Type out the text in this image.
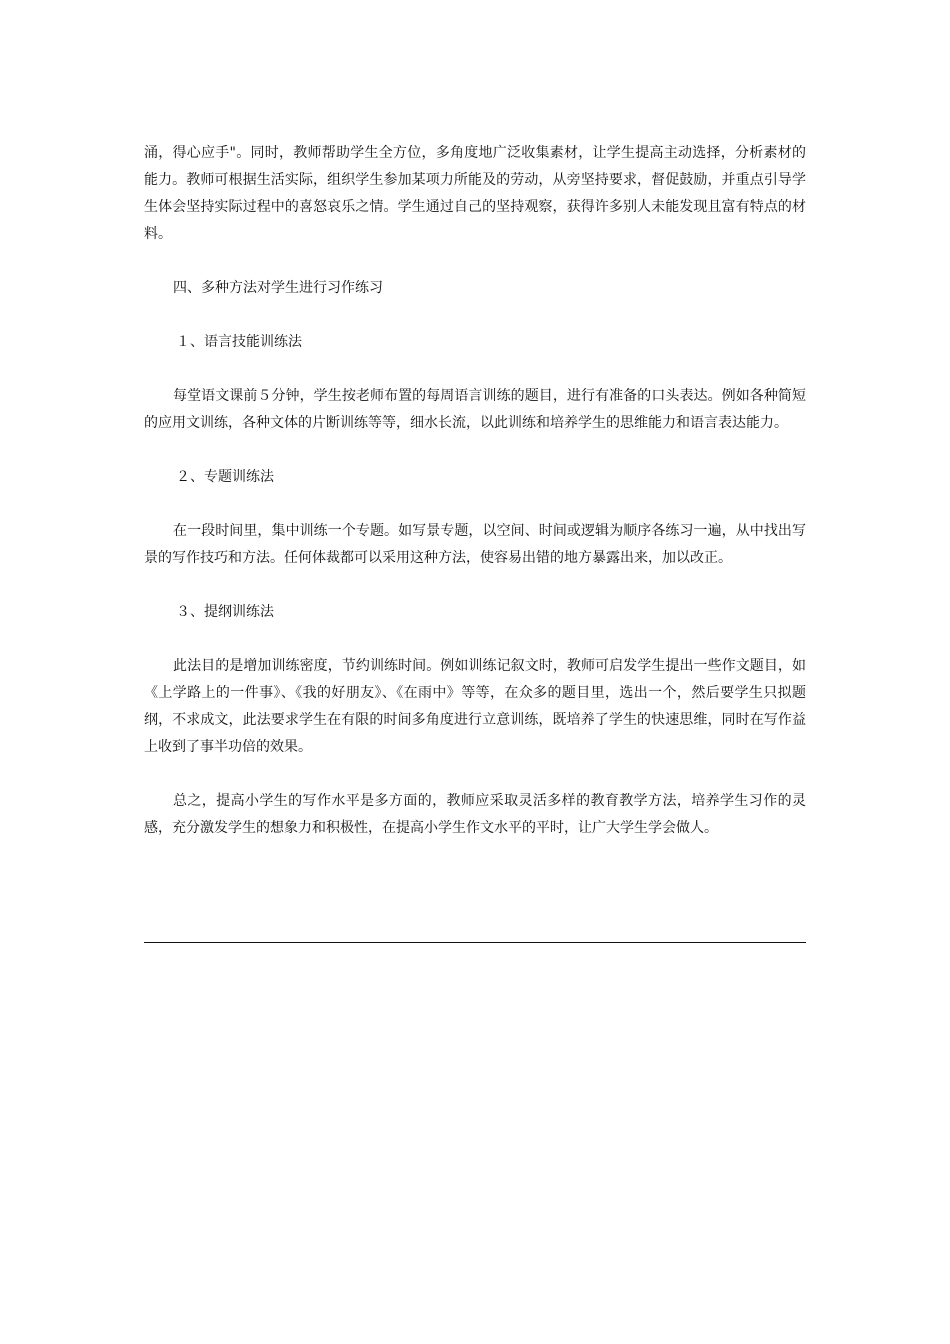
涌，得心应手"。同时，教师帮助学生全方位，多角度地广泛收集素材，让学生提高主动选择，分析素材的能力。教师可根据生活实际，组织学生参加某项力所能及的劳动，从旁坚持要求，督促鼓励，并重点引导学生体会坚持实际过程中的喜怒哀乐之情。学生通过自己的坚持观察，获得许多别人未能发现且富有特点的材料。

四、多种方法对学生进行习作练习

１、语言技能训练法

每堂语文课前５分钟，学生按老师布置的每周语言训练的题目，进行有准备的口头表达。例如各种简短的应用文训练，各种文体的片断训练等等，细水长流，以此训练和培养学生的思维能力和语言表达能力。

２、专题训练法

在一段时间里，集中训练一个专题。如写景专题，以空间、时间或逻辑为顺序各练习一遍，从中找出写景的写作技巧和方法。任何体裁都可以采用这种方法，使容易出错的地方暴露出来，加以改正。

３、提纲训练法

此法目的是增加训练密度，节约训练时间。例如训练记叙文时，教师可启发学生提出一些作文题目，如《上学路上的一件事》、《我的好朋友》、《在雨中》等等，在众多的题目里，选出一个，然后要学生只拟题纲，不求成文，此法要求学生在有限的时间多角度进行立意训练，既培养了学生的快速思维，同时在写作益上收到了事半功倍的效果。

总之，提高小学生的写作水平是多方面的，教师应采取灵活多样的教育教学方法，培养学生习作的灵感，充分激发学生的想象力和积极性，在提高小学生作文水平的平时，让广大学生学会做人。
